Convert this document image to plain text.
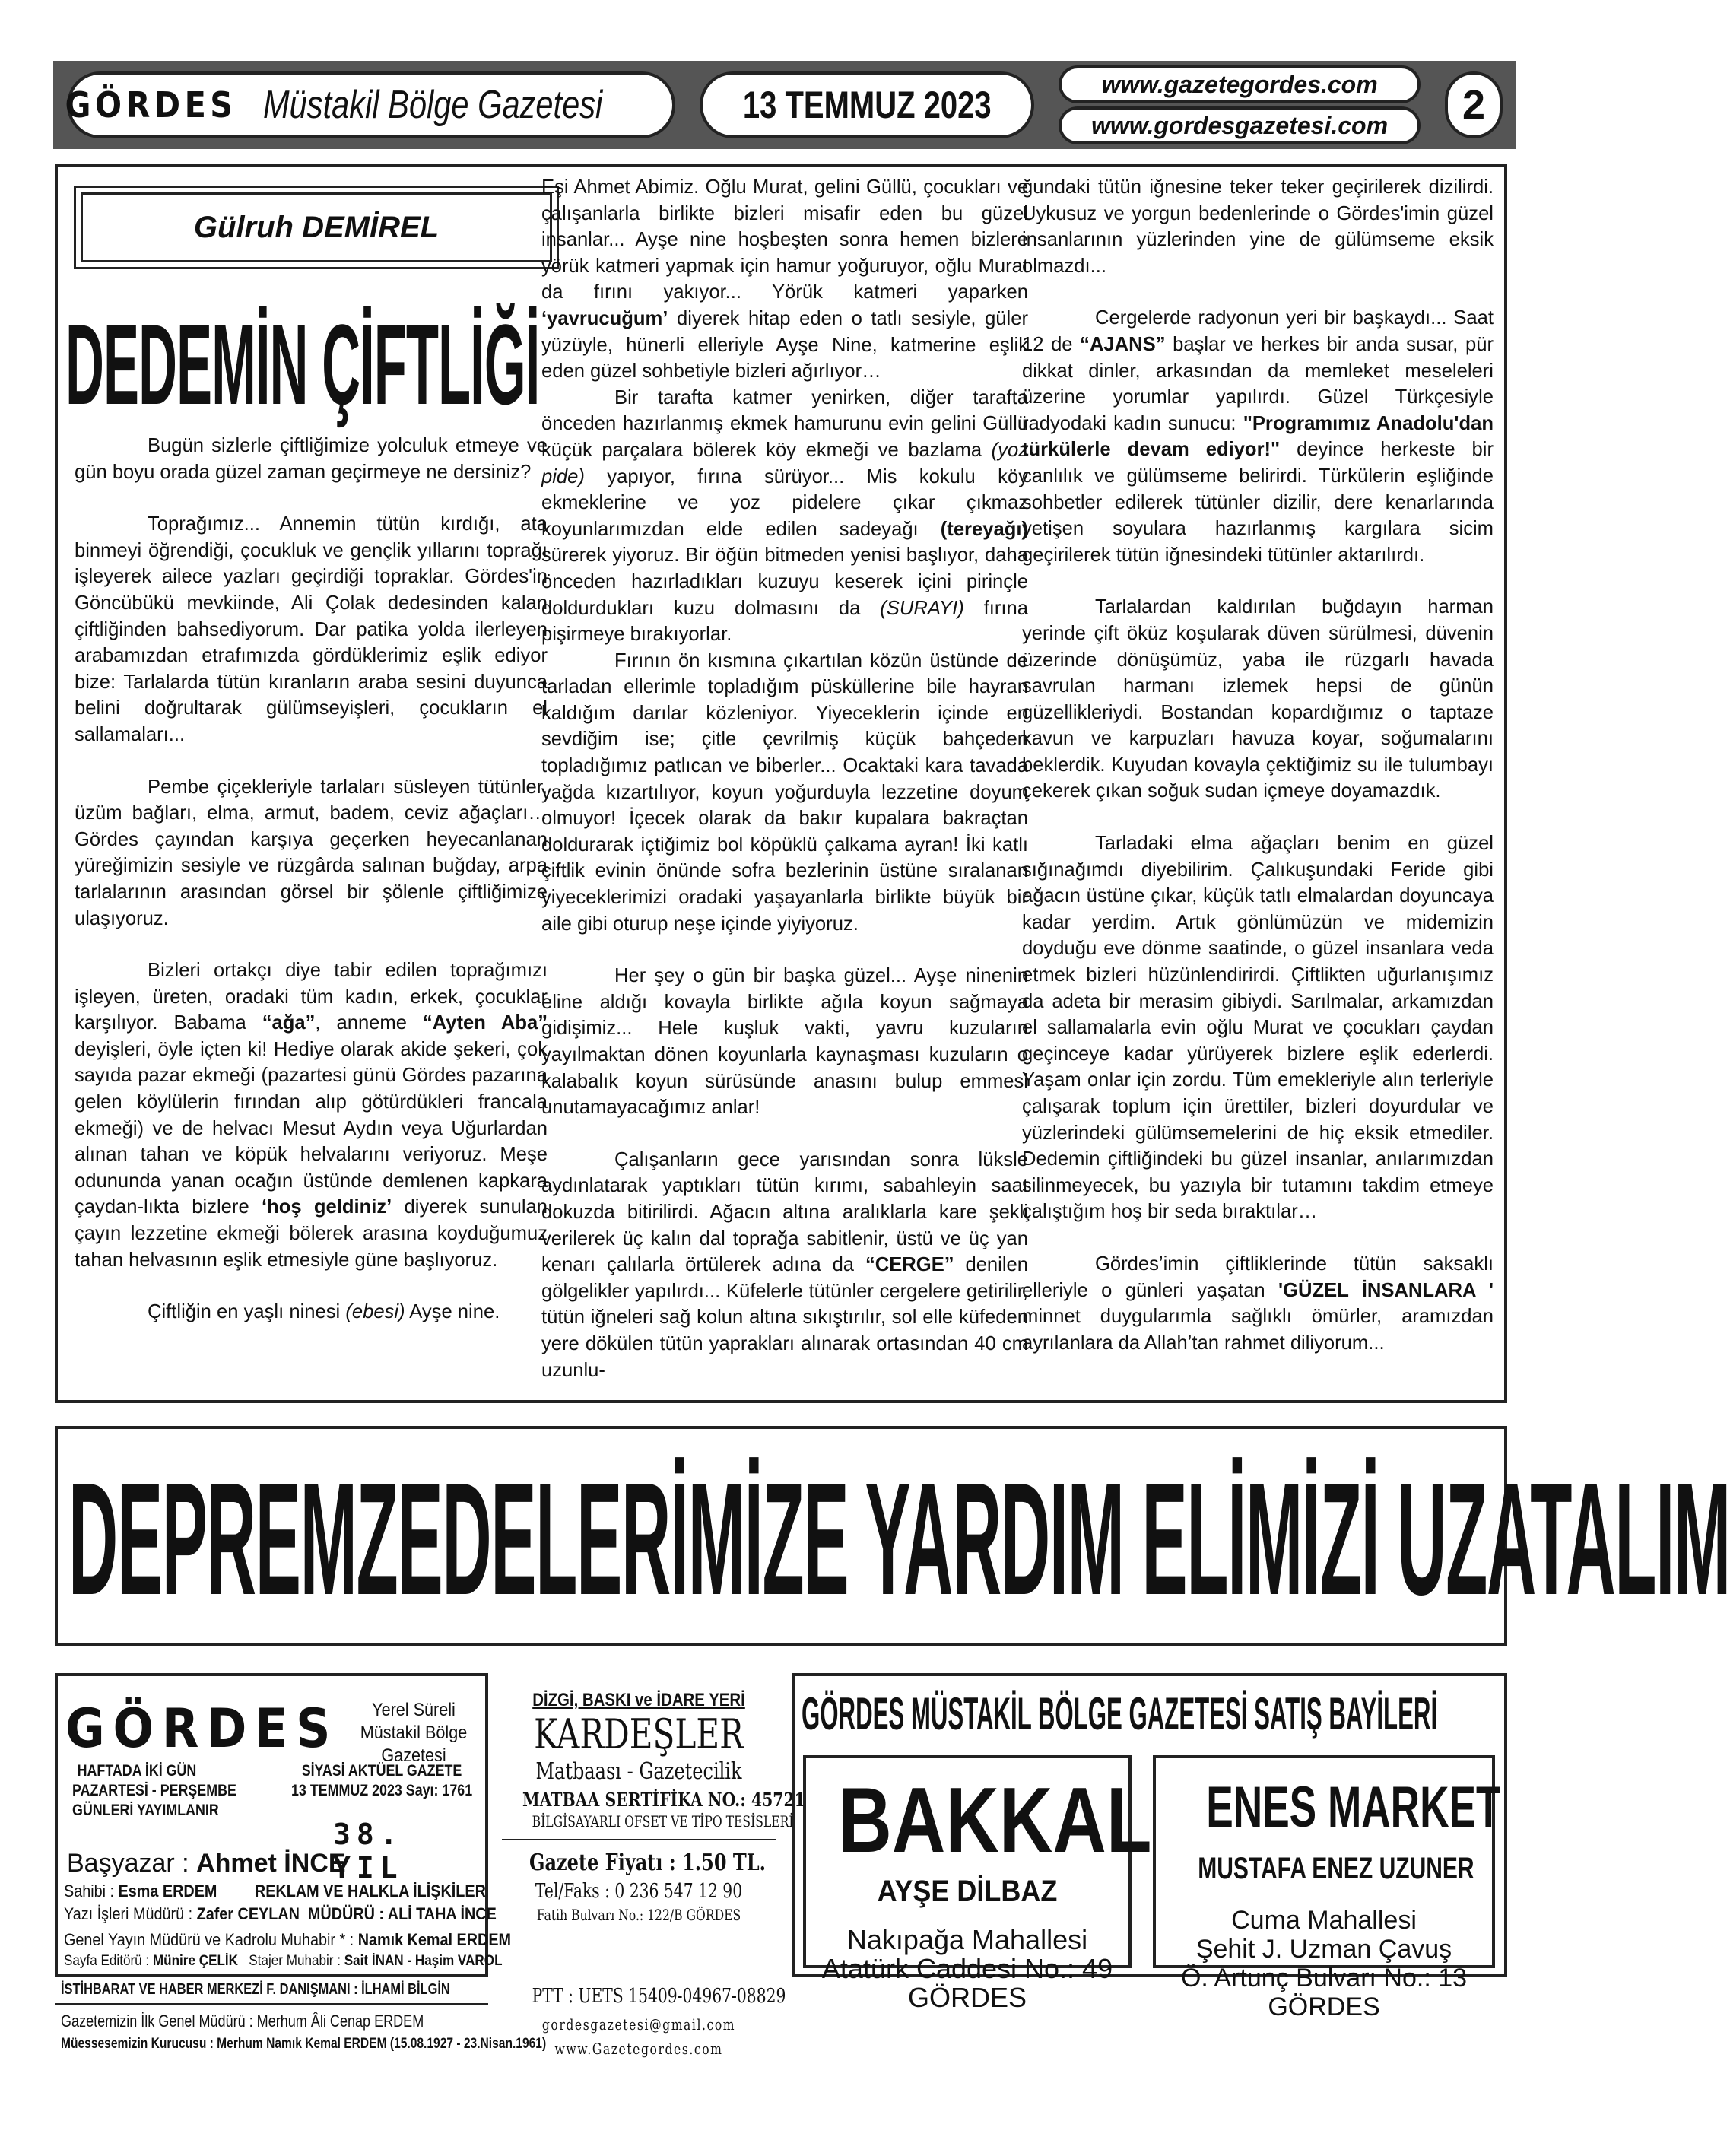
GÖRDES Müstakil Bölge Gazetesi	13 TEMMUZ 2023	www.gazetegordes.com
www.gordesgazetesi.com	2
Gülruh DEMİREL
DEDEMİN ÇİFTLİĞİ

Bugün sizlerle çiftliğimize yolculuk etmeye ve gün boyu orada güzel zaman geçirmeye ne dersiniz?

Toprağımız... Annemin tütün kırdığı, ata binmeyi öğrendiği, çocukluk ve gençlik yıllarını toprağı işleyerek ailece yazları geçirdiği topraklar. Gördes'in Göncübükü mevkiinde, Ali Çolak dedesinden kalan çiftliğinden bahsediyorum. Dar patika yolda ilerleyen arabamızdan etrafımızda gördüklerimiz eşlik ediyor bize: Tarlalarda tütün kıranların araba sesini duyunca belini doğrultarak gülümseyişleri, çocukların el sallamaları...

Pembe çiçekleriyle tarlaları süsleyen tütünler, üzüm bağları, elma, armut, badem, ceviz ağaçları… Gördes çayından karşıya geçerken heyecanlanan yüreğimizin sesiyle ve rüzgârda salınan buğday, arpa tarlalarının arasından görsel bir şölenle çiftliğimize ulaşıyoruz.

Bizleri ortakçı diye tabir edilen toprağımızı işleyen, üreten, oradaki tüm kadın, erkek, çocuklar karşılıyor. Babama “ağa”, anneme “Ayten Aba” deyişleri, öyle içten ki! Hediye olarak akide şekeri, çok sayıda pazar ekmeği (pazartesi günü Gördes pazarına gelen köylülerin fırından alıp götürdükleri francala ekmeği) ve de helvacı Mesut Aydın veya Uğurlardan alınan tahan ve köpük helvalarını veriyoruz. Meşe odununda yanan ocağın üstünde demlenen kapkara çaydan-lıkta bizlere ‘hoş geldiniz’ diyerek sunulan çayın lezzetine ekmeği bölerek arasına koyduğumuz tahan helvasının eşlik etmesiyle güne başlıyoruz.

Çiftliğin en yaşlı ninesi (ebesi) Ayşe nine.

Eşi Ahmet Abimiz. Oğlu Murat, gelini Güllü, çocukları ve çalışanlarla birlikte bizleri misafir eden bu güzel insanlar... Ayşe nine hoşbeşten sonra hemen bizlere yörük katmeri yapmak için hamur yoğuruyor, oğlu Murat da fırını yakıyor... Yörük katmeri yaparken ‘yavrucuğum’ diyerek hitap eden o tatlı sesiyle, güler yüzüyle, hünerli elleriyle Ayşe Nine, katmerine eşlik eden güzel sohbetiyle bizleri ağırlıyor…

Bir tarafta katmer yenirken, diğer tarafta önceden hazırlanmış ekmek hamurunu evin gelini Güllü küçük parçalara bölerek köy ekmeği ve bazlama (yoz pide) yapıyor, fırına sürüyor... Mis kokulu köy ekmeklerine ve yoz pidelere çıkar çıkmaz koyunlarımızdan elde edilen sadeyağı (tereyağı) sürerek yiyoruz. Bir öğün bitmeden yenisi başlıyor, daha önceden hazırladıkları kuzuyu keserek içini pirinçle doldurdukları kuzu dolmasını da (SURAYI) fırına pişirmeye bırakıyorlar.

Fırının ön kısmına çıkartılan közün üstünde de tarladan ellerimle topladığım püsküllerine bile hayran kaldığım darılar közleniyor. Yiyeceklerin içinde en sevdiğim ise; çitle çevrilmiş küçük bahçeden topladığımız patlıcan ve biberler... Ocaktaki kara tavada yağda kızartılıyor, koyun yoğurduyla lezzetine doyum olmuyor! İçecek olarak da bakır kupalara bakraçtan doldurarak içtiğimiz bol köpüklü çalkama ayran! İki katlı çiftlik evinin önünde sofra bezlerinin üstüne sıralanan yiyeceklerimizi oradaki yaşayanlarla birlikte büyük bir aile gibi oturup neşe içinde yiyiyoruz.

Her şey o gün bir başka güzel... Ayşe ninenin eline aldığı kovayla birlikte ağıla koyun sağmaya gidişimiz... Hele kuşluk vakti, yavru kuzuların yayılmaktan dönen koyunlarla kaynaşması kuzuların o kalabalık koyun sürüsünde anasını bulup emmesi unutamayacağımız anlar!

Çalışanların gece yarısından sonra lüksle aydınlatarak yaptıkları tütün kırımı, sabahleyin saat dokuzda bitirilirdi. Ağacın altına aralıklarla kare şekli verilerek üç kalın dal toprağa sabitlenir, üstü ve üç yan kenarı çalılarla örtülerek adına da “CERGE” denilen gölgelikler yapılırdı... Küfelerle tütünler cergelere getirilir, tütün iğneleri sağ kolun altına sıkıştırılır, sol elle küfeden yere dökülen tütün yaprakları alınarak ortasından 40 cm uzunlu-

ğundaki tütün iğnesine teker teker geçirilerek dizilirdi. Uykusuz ve yorgun bedenlerinde o Gördes'imin güzel insanlarının yüzlerinden yine de gülümseme eksik olmazdı...

Cergelerde radyonun yeri bir başkaydı... Saat 12 de “AJANS” başlar ve herkes bir anda susar, pür dikkat dinler, arkasından da memleket meseleleri üzerine yorumlar yapılırdı. Güzel Türkçesiyle radyodaki kadın sunucu: "Programımız Anadolu'dan türkülerle devam ediyor!" deyince herkeste bir canlılık ve gülümseme belirirdi. Türkülerin eşliğinde sohbetler edilerek tütünler dizilir, dere kenarlarında yetişen soyulara hazırlanmış kargılara sicim geçirilerek tütün iğnesindeki tütünler aktarılırdı.

Tarlalardan kaldırılan buğdayın harman yerinde çift öküz koşularak düven sürülmesi, düvenin üzerinde dönüşümüz, yaba ile rüzgarlı havada savrulan harmanı izlemek hepsi de günün güzellikleriydi. Bostandan kopardığımız o taptaze kavun ve karpuzları havuza koyar, soğumalarını beklerdik. Kuyudan kovayla çektiğimiz su ile tulumbayı çekerek çıkan soğuk sudan içmeye doyamazdık.

Tarladaki elma ağaçları benim en güzel sığınağımdı diyebilirim. Çalıkuşundaki Feride gibi ağacın üstüne çıkar, küçük tatlı elmalardan doyuncaya kadar yerdim. Artık gönlümüzün ve midemizin doyduğu eve dönme saatinde, o güzel insanlara veda etmek bizleri hüzünlendirirdi. Çiftlikten uğurlanışımız da adeta bir merasim gibiydi. Sarılmalar, arkamızdan el sallamalarla evin oğlu Murat ve çocukları çaydan geçinceye kadar yürüyerek bizlere eşlik ederlerdi. Yaşam onlar için zordu. Tüm emekleriyle alın terleriyle çalışarak toplum için ürettiler, bizleri doyurdular ve yüzlerindeki gülümsemelerini de hiç eksik etmediler. Dedemin çiftliğindeki bu güzel insanlar, anılarımızdan silinmeyecek, bu yazıyla bir tutamını takdim etmeye çalıştığım hoş bir seda bıraktılar…

Gördes’imin çiftliklerinde tütün saksaklı elleriyle o günleri yaşatan 'GÜZEL İNSANLARA ' minnet duygularımla sağlıklı ömürler, aramızdan ayrılanlara da Allah’tan rahmet diliyorum...

DEPREMZEDELERİMİZE YARDIM ELİMİZİ UZATALIM
GÖRDES	Yerel Süreli
Müstakil Bölge Gazetesi
HAFTADA İKİ GÜN
PAZARTESİ - PERŞEMBE
GÜNLERİ YAYIMLANIR
SİYASİ AKTÜEL GAZETE
13 TEMMUZ 2023 Sayı: 1761
38. YIL
Başyazar : Ahmet İNCE
Sahibi : Esma ERDEM REKLAM VE HALKLA İLİŞKİLER
Yazı İşleri Müdürü : Zafer CEYLAN MÜDÜRÜ : ALİ TAHA İNCE
Genel Yayın Müdürü ve Kadrolu Muhabir * : Namık Kemal ERDEM
Sayfa Editörü : Münire ÇELİK Stajer Muhabir : Sait İNAN - Haşim VAROL
İSTİHBARAT VE HABER MERKEZİ F. DANIŞMANI : İLHAMİ BİLGİN
Gazetemizin İlk Genel Müdürü : Merhum Âli Cenap ERDEM
Müessesemizin Kurucusu : Merhum Namık Kemal ERDEM (15.08.1927 - 23.Nisan.1961)
DİZGİ, BASKI ve İDARE YERİ
KARDEŞLER
Matbaası - Gazetecilik
MATBAA SERTİFİKA NO.: 45721
BİLGİSAYARLI OFSET VE TİPO TESİSLERİ
Gazete Fiyatı : 1.50 TL.
Tel/Faks : 0 236 547 12 90
Fatih Bulvarı No.: 122/B GÖRDES
PTT : UETS 15409-04967-08829
gordesgazetesi@gmail.com
www.Gazetegordes.com
GÖRDES MÜSTAKİL BÖLGE GAZETESİ SATIŞ BAYİLERİ
BAKKAL
AYŞE DİLBAZ
Nakıpağa Mahallesi
Atatürk Caddesi No.: 49
GÖRDES
ENES MARKET
MUSTAFA ENEZ UZUNER
Cuma Mahallesi
Şehit J. Uzman Çavuş
Ö. Artunç Bulvarı No.: 13
GÖRDES
